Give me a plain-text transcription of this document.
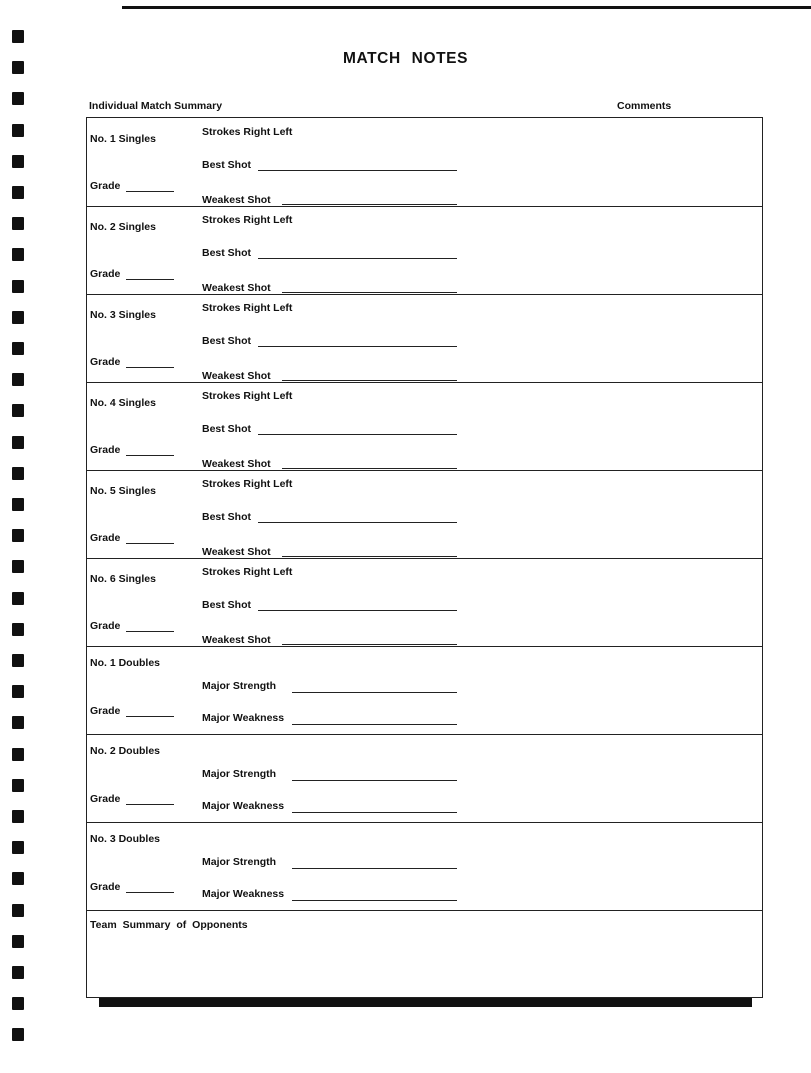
MATCH NOTES
Individual Match Summary	Comments
No. 1 Singles
Strokes Right Left
Best Shot
Grade
Weakest Shot
No. 2 Singles
Strokes Right Left
Best Shot
Grade
Weakest Shot
No. 3 Singles
Strokes Right Left
Best Shot
Grade
Weakest Shot
No. 4 Singles
Strokes Right Left
Best Shot
Grade
Weakest Shot
No. 5 Singles
Strokes Right Left
Best Shot
Grade
Weakest Shot
No. 6 Singles
Strokes Right Left
Best Shot
Grade
Weakest Shot
No. 1 Doubles
Major Strength
Grade
Major Weakness
No. 2 Doubles
Major Strength
Grade
Major Weakness
No. 3 Doubles
Major Strength
Grade
Major Weakness
Team Summary of Opponents
